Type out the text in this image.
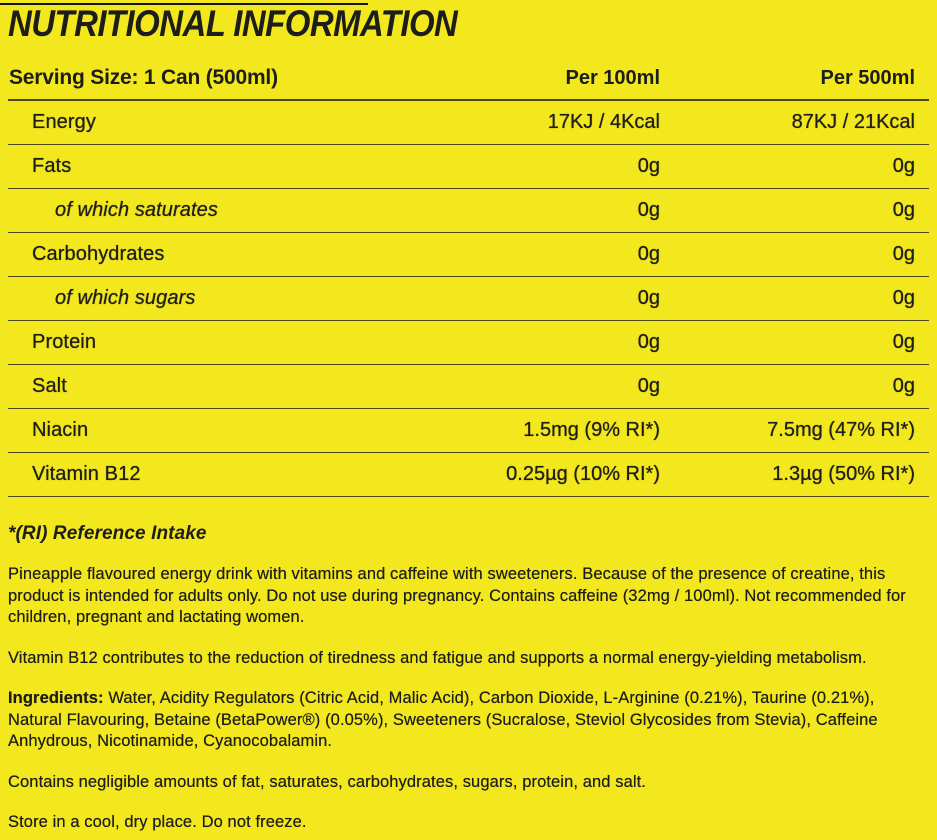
NUTRITIONAL INFORMATION
Serving Size: 1 Can (500ml)	Per 100ml	Per 500ml
Energy	17KJ / 4Kcal	87KJ / 21Kcal
Fats	0g	0g
of which saturates	0g	0g
Carbohydrates	0g	0g
of which sugars	0g	0g
Protein	0g	0g
Salt	0g	0g
Niacin	1.5mg (9% RI*)	7.5mg (47% RI*)
Vitamin B12	0.25µg (10% RI*)	1.3µg (50% RI*)
*(RI) Reference Intake

Pineapple flavoured energy drink with vitamins and caffeine with sweeteners. Because of the presence of creatine, this product is intended for adults only. Do not use during pregnancy. Contains caffeine (32mg / 100ml). Not recommended for children, pregnant and lactating women.

Vitamin B12 contributes to the reduction of tiredness and fatigue and supports a normal energy-yielding metabolism.

Ingredients: Water, Acidity Regulators (Citric Acid, Malic Acid), Carbon Dioxide, L-Arginine (0.21%), Taurine (0.21%), Natural Flavouring, Betaine (BetaPower®) (0.05%), Sweeteners (Sucralose, Steviol Glycosides from Stevia), Caffeine Anhydrous, Nicotinamide, Cyanocobalamin.

Contains negligible amounts of fat, saturates, carbohydrates, sugars, protein, and salt.

Store in a cool, dry place. Do not freeze.
